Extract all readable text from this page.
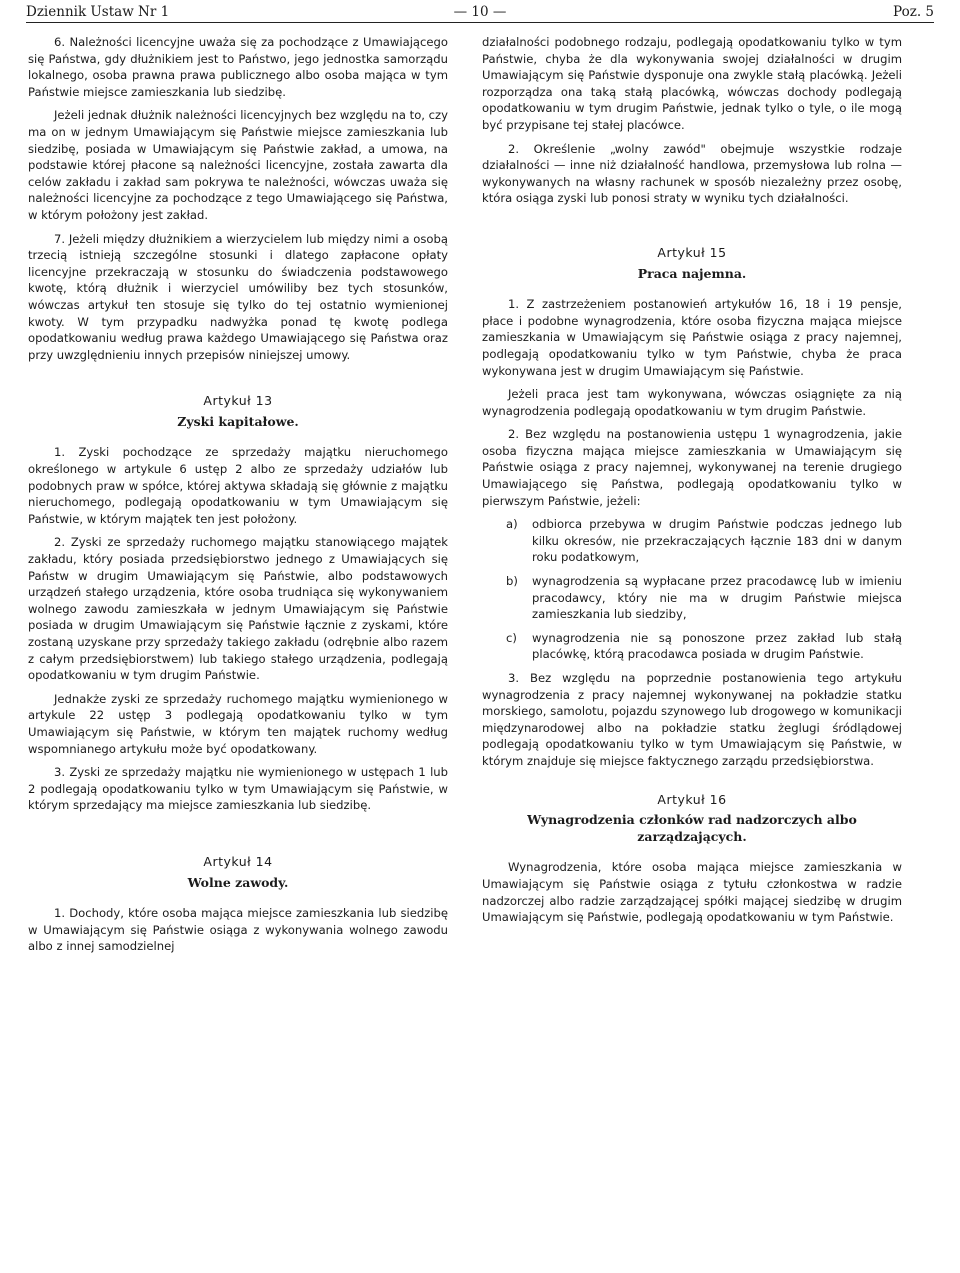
Dziennik Ustaw Nr 1	— 10 —	Poz. 5

6. Należności licencyjne uważa się za pochodzące z Umawiającego się Państwa, gdy dłużnikiem jest to Państwo, jego jednostka samorządu lokalnego, osoba prawna prawa publicznego albo osoba mająca w tym Państwie miejsce zamieszkania lub siedzibę.

Jeżeli jednak dłużnik należności licencyjnych bez względu na to, czy ma on w jednym Umawiającym się Państwie miejsce zamieszkania lub siedzibę, posiada w Umawiającym się Państwie zakład, a umowa, na podstawie której płacone są należności licencyjne, została zawarta dla celów zakładu i zakład sam pokrywa te należności, wówczas uważa się należności licencyjne za pochodzące z tego Umawiającego się Państwa, w którym położony jest zakład.

7. Jeżeli między dłużnikiem a wierzycielem lub między nimi a osobą trzecią istnieją szczególne stosunki i dlatego zapłacone opłaty licencyjne przekraczają w stosunku do świadczenia podstawowego kwotę, którą dłużnik i wierzyciel umówiliby bez tych stosunków, wówczas artykuł ten stosuje się tylko do tej ostatnio wymienionej kwoty. W tym przypadku nadwyżka ponad tę kwotę podlega opodatkowaniu według prawa każdego Umawiającego się Państwa oraz przy uwzględnieniu innych przepisów niniejszej umowy.

Artykuł 13
Zyski kapitałowe.

1. Zyski pochodzące ze sprzedaży majątku nieruchomego określonego w artykule 6 ustęp 2 albo ze sprzedaży udziałów lub podobnych praw w spółce, której aktywa składają się głównie z majątku nieruchomego, podlegają opodatkowaniu w tym Umawiającym się Państwie, w którym majątek ten jest położony.

2. Zyski ze sprzedaży ruchomego majątku stanowiącego majątek zakładu, który posiada przedsiębiorstwo jednego z Umawiających się Państw w drugim Umawiającym się Państwie, albo podstawowych urządzeń stałego urządzenia, które osoba trudniąca się wykonywaniem wolnego zawodu zamieszkała w jednym Umawiającym się Państwie posiada w drugim Umawiającym się Państwie łącznie z zyskami, które zostaną uzyskane przy sprzedaży takiego zakładu (odrębnie albo razem z całym przedsiębiorstwem) lub takiego stałego urządzenia, podlegają opodatkowaniu w tym drugim Państwie.

Jednakże zyski ze sprzedaży ruchomego majątku wymienionego w artykule 22 ustęp 3 podlegają opodatkowaniu tylko w tym Umawiającym się Państwie, w którym ten majątek ruchomy według wspomnianego artykułu może być opodatkowany.

3. Zyski ze sprzedaży majątku nie wymienionego w ustępach 1 lub 2 podlegają opodatkowaniu tylko w tym Umawiającym się Państwie, w którym sprzedający ma miejsce zamieszkania lub siedzibę.

Artykuł 14
Wolne zawody.

1. Dochody, które osoba mająca miejsce zamieszkania lub siedzibę w Umawiającym się Państwie osiąga z wykonywania wolnego zawodu albo z innej samodzielnej

działalności podobnego rodzaju, podlegają opodatkowaniu tylko w tym Państwie, chyba że dla wykonywania swojej działalności w drugim Umawiającym się Państwie dysponuje ona zwykle stałą placówką. Jeżeli rozporządza ona taką stałą placówką, wówczas dochody podlegają opodatkowaniu w tym drugim Państwie, jednak tylko o tyle, o ile mogą być przypisane tej stałej placówce.

2. Określenie „wolny zawód" obejmuje wszystkie rodzaje działalności — inne niż działalność handlowa, przemysłowa lub rolna — wykonywanych na własny rachunek w sposób niezależny przez osobę, która osiąga zyski lub ponosi straty w wyniku tych działalności.

Artykuł 15
Praca najemna.

1. Z zastrzeżeniem postanowień artykułów 16, 18 i 19 pensje, płace i podobne wynagrodzenia, które osoba fizyczna mająca miejsce zamieszkania w Umawiającym się Państwie osiąga z pracy najemnej, podlegają opodatkowaniu tylko w tym Państwie, chyba że praca wykonywana jest w drugim Umawiającym się Państwie.

Jeżeli praca jest tam wykonywana, wówczas osiągnięte za nią wynagrodzenia podlegają opodatkowaniu w tym drugim Państwie.

2. Bez względu na postanowienia ustępu 1 wynagrodzenia, jakie osoba fizyczna mająca miejsce zamieszkania w Umawiającym się Państwie osiąga z pracy najemnej, wykonywanej na terenie drugiego Umawiającego się Państwa, podlegają opodatkowaniu tylko w pierwszym Państwie, jeżeli:

a)	odbiorca przebywa w drugim Państwie podczas jednego lub kilku okresów, nie przekraczających łącznie 183 dni w danym roku podatkowym,
b)	wynagrodzenia są wypłacane przez pracodawcę lub w imieniu pracodawcy, który nie ma w drugim Państwie miejsca zamieszkania lub siedziby,
c)	wynagrodzenia nie są ponoszone przez zakład lub stałą placówkę, którą pracodawca posiada w drugim Państwie.

3. Bez względu na poprzednie postanowienia tego artykułu wynagrodzenia z pracy najemnej wykonywanej na pokładzie statku morskiego, samolotu, pojazdu szynowego lub drogowego w komunikacji międzynarodowej albo na pokładzie statku żeglugi śródlądowej podlegają opodatkowaniu tylko w tym Umawiającym się Państwie, w którym znajduje się miejsce faktycznego zarządu przedsiębiorstwa.

Artykuł 16
Wynagrodzenia członków rad nadzorczych albo zarządzających.

Wynagrodzenia, które osoba mająca miejsce zamieszkania w Umawiającym się Państwie osiąga z tytułu członkostwa w radzie nadzorczej albo radzie zarządzającej spółki mającej siedzibę w drugim Umawiającym się Państwie, podlegają opodatkowaniu w tym Państwie.
